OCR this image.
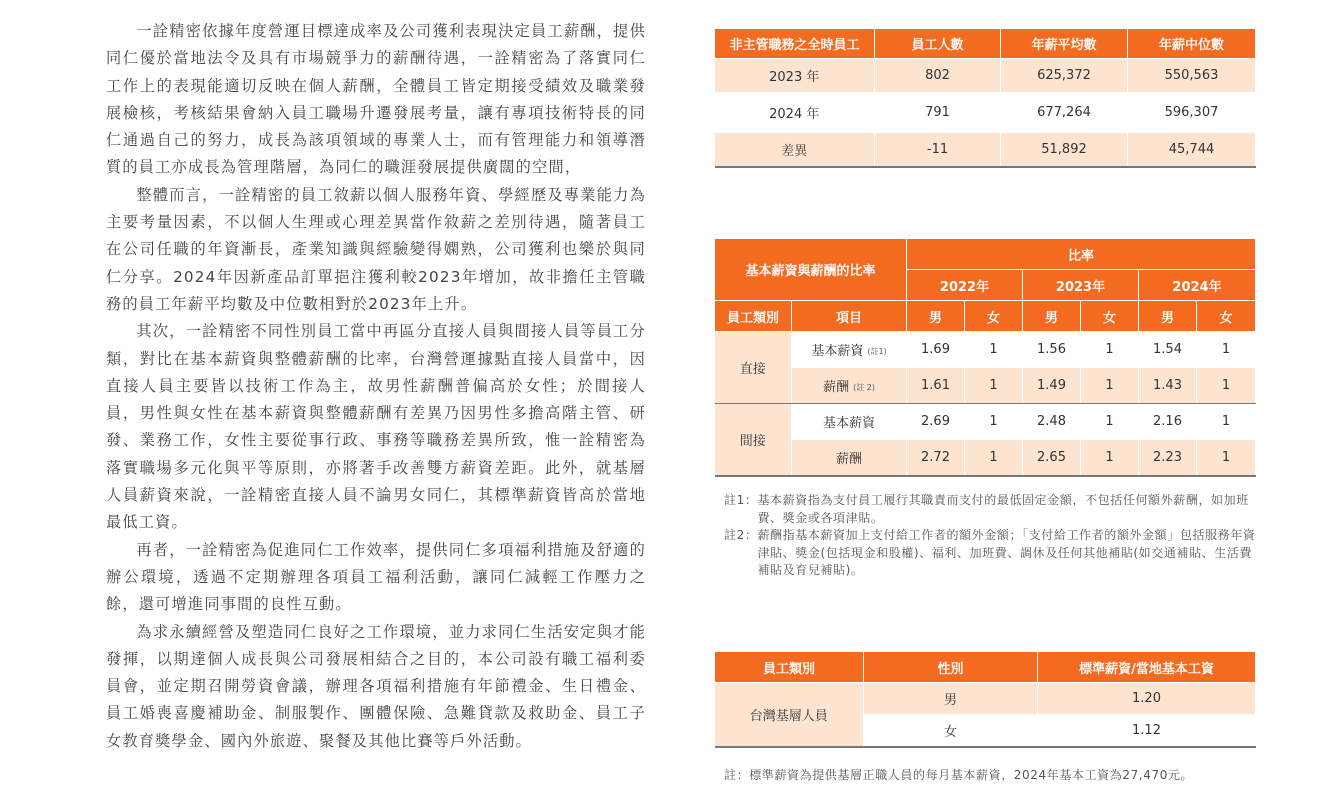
一詮精密依據年度營運目標達成率及公司獲利表現決定員工薪酬，提供同仁優於當地法令及具有市場競爭力的薪酬待遇，一詮精密為了落實同仁工作上的表現能適切反映在個人薪酬，全體員工皆定期接受績效及職業發展檢核，考核結果會納入員工職場升遷發展考量，讓有專項技術特長的同仁通過自己的努力，成長為該項領域的專業人士，而有管理能力和領導潛質的員工亦成長為管理階層，為同仁的職涯發展提供廣闊的空間，

整體而言，一詮精密的員工敘薪以個人服務年資、學經歷及專業能力為主要考量因素，不以個人生理或心理差異當作敘薪之差別待遇，隨著員工在公司任職的年資漸長，產業知識與經驗變得嫻熟，公司獲利也樂於與同仁分享。2024年因新產品訂單挹注獲利較2023年增加，故非擔任主管職務的員工年薪平均數及中位數相對於2023年上升。

其次，一詮精密不同性別員工當中再區分直接人員與間接人員等員工分類，對比在基本薪資與整體薪酬的比率，台灣營運據點直接人員當中，因直接人員主要皆以技術工作為主，故男性薪酬普偏高於女性；於間接人員，男性與女性在基本薪資與整體薪酬有差異乃因男性多擔高階主管、研發、業務工作，女性主要從事行政、事務等職務差異所致，惟一詮精密為落實職場多元化與平等原則，亦將著手改善雙方薪資差距。此外，就基層人員薪資來說，一詮精密直接人員不論男女同仁，其標準薪資皆高於當地最低工資。

再者，一詮精密為促進同仁工作效率，提供同仁多項福利措施及舒適的辦公環境，透過不定期辦理各項員工福利活動，讓同仁減輕工作壓力之餘，還可增進同事間的良性互動。

為求永續經營及塑造同仁良好之工作環境，並力求同仁生活安定與才能發揮，以期達個人成長與公司發展相結合之目的，本公司設有職工福利委員會，並定期召開勞資會議，辦理各項福利措施有年節禮金、生日禮金、員工婚喪喜慶補助金、制服製作、團體保險、急難貸款及救助金、員工子女教育獎學金、國內外旅遊、聚餐及其他比賽等戶外活動。

非主管職務之全時員工	員工人數	年薪平均數	年薪中位數
2023 年	802	625,372	550,563
2024 年	791	677,264	596,307
差異	-11	51,892	45,744
基本薪資與薪酬的比率		比率					
		2022年		2023年		2024年	
員工類別	項目	男	女	男	女	男	女
直接	基本薪資 (註1)	1.69	1	1.56	1	1.54	1
	薪酬 (註 2)	1.61	1	1.49	1	1.43	1
間接	基本薪資	2.69	1	2.48	1	2.16	1
	薪酬	2.72	1	2.65	1	2.23	1
註1： 基本薪資指為支付員工履行其職責而支付的最低固定金額，不包括任何額外薪酬，如加班費、獎金或各項津貼。
註2： 薪酬指基本薪資加上支付給工作者的額外金額；「支付給工作者的額外金額」包括服務年資津貼、獎金(包括現金和股權)、福利、加班費、調休及任何其他補貼(如交通補貼、生活費補貼及育兒補貼)。
員工類別	性別	標準薪資/當地基本工資
台灣基層人員	男	1.20
	女	1.12
註：標準薪資為提供基層正職人員的每月基本薪資，2024年基本工資為27,470元。
